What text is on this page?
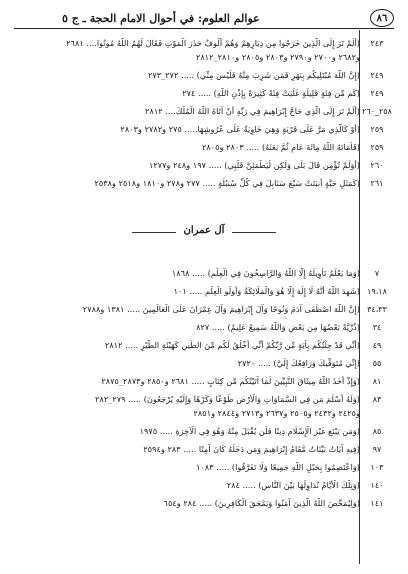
٨٦
عوالم العلوم: في أحوال الامام الحجة ـ ج ٥
٢٤٣
(أَلَمْ تَرَ إِلَى الَّذِينَ خَرَجُوا مِن دِيَارِهِمْ وَهُمْ أُلُوفٌ حَذَرَ الْمَوْتِ فَقَالَ لَهُمُ اللَّهُ مُوتُوا.... ٢٦٨١
و٢٦٨٢ و٢٧٠٠ و٢٧٩٠ و٢٨٠٣ و٢٨٠٥ و٢٨١٠_٢٨١٢
٢٤٩
(إِنَّ اللَّهَ مُبْتَلِيكُم بِنَهَرٍ فَمَن شَرِبَ مِنْهُ فَلَيْسَ مِنِّي) ..... ٢٧٢_٢٧٣
٢٤٩
(كَم مِّن فِئَةٍ قَلِيلَةٍ غَلَبَتْ فِئَةً كَثِيرَةً بِإِذْنِ اللَّهِ) ..... ٢٧٤
٢٥٨_٢٦٠
(أَلَمْ تَرَ إِلَى الَّذِي حَاجَّ إِبْرَاهِيمَ فِي رَبِّهِ أَنْ آتَاهُ اللَّهُ الْمُلْكَ.... ٢٨١٢
٢٥٩
(أَوْ كَالَّذِي مَرَّ عَلَى قَرْيَةٍ وَهِيَ خَاوِيَةٌ عَلَى عُرُوشِهَا..... ٢٧٥ و٢٧٨٢ و٢٨٠٣
٢٥٩
(فَأَمَاتَهُ اللَّهُ مِائَةَ عَامٍ ثُمَّ بَعَثَهُ) ..... ٢٨٠٣ و٢٨٠٥
٢٦٠
(أَوَلَمْ تُؤْمِن قَالَ بَلَى وَلَكِن لِّيَطْمَئِنَّ قَلْبِي) ..... ١٩٧ و٢٤٨ و١٢٧٧
٢٦١
(كَمَثَلِ حَبَّةٍ أَنبَتَتْ سَبْعَ سَنَابِلَ فِي كُلِّ سُنبُلَةٍ ..... ٢٧٧ و٢٧٨ و١٨١٠ و٢٥١٨ و٢٥٣٨
آل عمران
٧
(وَمَا يَعْلَمُ تَأْوِيلَهُ إِلَّا اللَّهُ وَالرَّاسِخُونَ فِي الْعِلْمِ) ..... ١٨٦٨
١٩،١٨
(شَهِدَ اللَّهُ أَنَّهُ لَا إِلَهَ إِلَّا هُوَ وَالْمَلَائِكَةُ وَأُولُو الْعِلْمِ ..... ١٠١
٣٤،٣٣
(إِنَّ اللَّهَ اصْطَفَى آدَمَ وَنُوحًا وَآلَ إِبْرَاهِيمَ وَآلَ عِمْرَانَ عَلَى الْعَالَمِينَ ..... ١٣٨١ و٢٧٨٨
٣٤
(ذُرِّيَّةً بَعْضُهَا مِن بَعْضٍ وَاللَّهُ سَمِيعٌ عَلِيمٌ) ..... ٨٢٧
٤٩
(أَنِّي قَدْ جِئْتُكُم بِآيَةٍ مِّن رَّبِّكُمْ أَنِّي أَخْلُقُ لَكُم مِّنَ الطِّينِ كَهَيْئَةِ الطَّيْرِ ..... ٢٨١٢
٥٥
(إِنِّي مُتَوَفِّيكَ وَرَافِعُكَ إِلَيَّ) ..... ٢٧٢٠
٨١
(وَإِذْ أَخَذَ اللَّهُ مِيثَاقَ النَّبِيِّينَ لَمَا آتَيْتُكُم مِّن كِتَابٍ ..... ٢٦٨١ و٢٨٥٠ و٢٨٧٣_٢٨٧٥
٨٣
(وَلَهُ أَسْلَمَ مَن فِي السَّمَاوَاتِ وَالْأَرْضِ طَوْعًا وَكَرْهًا وَإِلَيْهِ يُرْجَعُونَ) ..... ٢٧٩_٢٨٢
و٢٤٢٥ و٢٤٣٢ و٢٥٠٥ و٢٦٣٧ و٢٧١٣ و٢٨٤٤ و٢٨٥١
٨٥
(وَمَن يَبْتَغِ غَيْرَ الْإِسْلَامِ دِينًا فَلَن يُقْبَلَ مِنْهُ وَهُوَ فِي الْآخِرَةِ ..... ١٩٧٥
٩٧
(فِيهِ آيَاتٌ بَيِّنَاتٌ مَّقَامُ إِبْرَاهِيمَ وَمَن دَخَلَهُ كَانَ آمِنًا ..... ٢٨٣ و٢٥٩٤
١٠٣
(وَاعْتَصِمُوا بِحَبْلِ اللَّهِ جَمِيعًا وَلَا تَفَرَّقُوا) ..... ١٠٨٣
١٤٠
(وَتِلْكَ الْأَيَّامُ نُدَاوِلُهَا بَيْنَ النَّاسِ) ..... ٢٨٤
١٤١
(وَلِيُمَحِّصَ اللَّهُ الَّذِينَ آمَنُوا وَيَمْحَقَ الْكَافِرِينَ) ..... ٢٨٤ و٦٥٤
